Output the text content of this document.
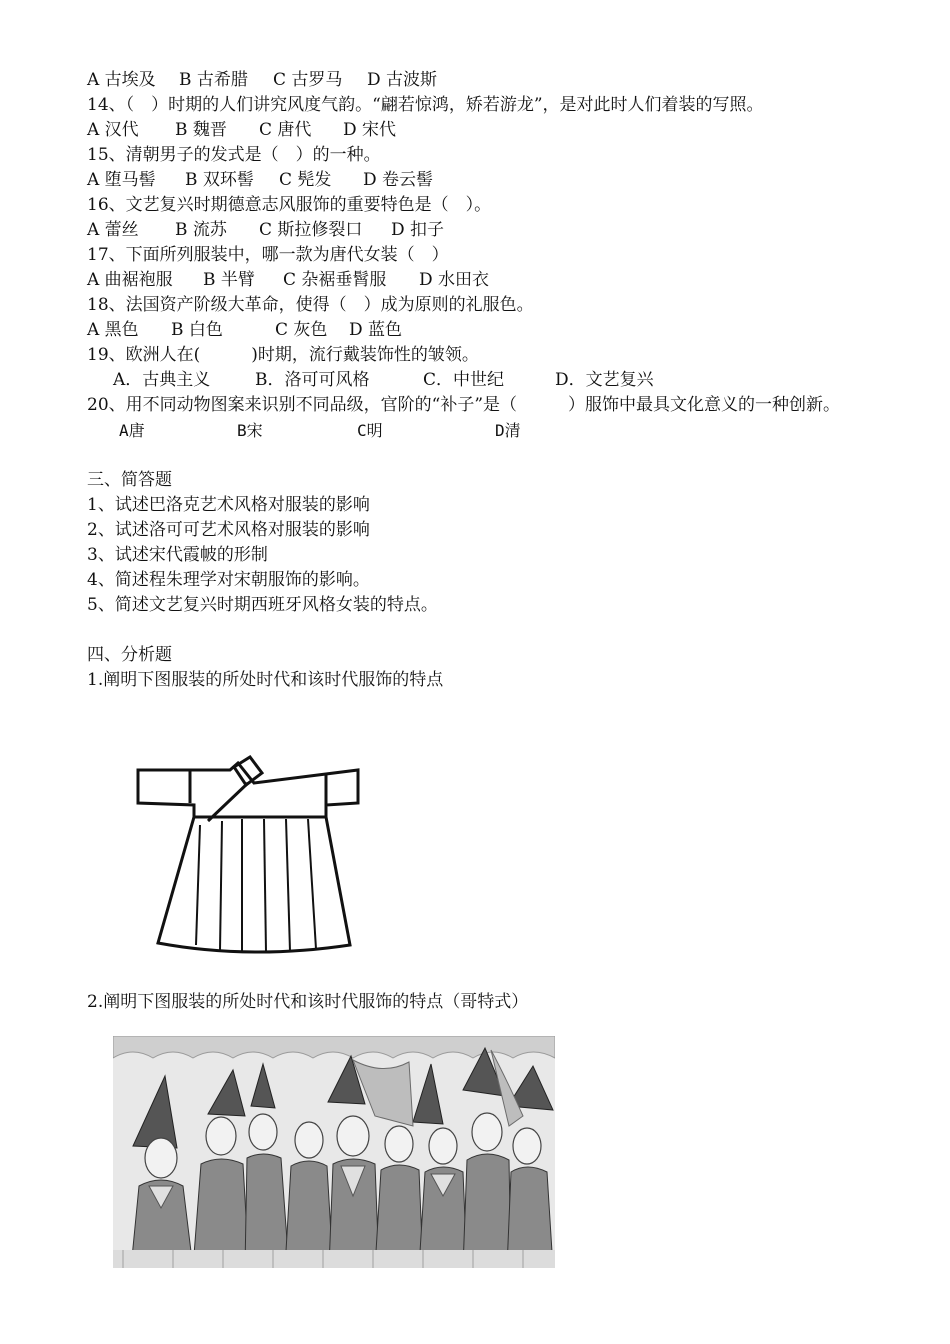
A 古埃及 B 古希腊 C 古罗马 D 古波斯
14、（　）时期的人们讲究风度气韵。“翩若惊鸿，矫若游龙”，是对此时人们着装的写照。
A 汉代 B 魏晋 C 唐代 D 宋代
15、清朝男子的发式是（　）的一种。
A 堕马髻 B 双环髻 C 髡发 D 卷云髻
16、文艺复兴时期德意志风服饰的重要特色是（　）。
A 蕾丝 B 流苏 C 斯拉修裂口 D 扣子
17、下面所列服装中，哪一款为唐代女装（　）
A 曲裾袍服 B 半臂 C 杂裾垂髾服 D 水田衣
18、法国资产阶级大革命，使得（　）成为原则的礼服色。
A 黑色 B 白色	C 灰色 D 蓝色
19、欧洲人在(　　　)时期，流行戴装饰性的皱领。
A．古典主义	B．洛可可风格	C．中世纪	D．文艺复兴
20、用不同动物图案来识别不同品级，官阶的“补子”是（　　　）服饰中最具文化意义的一种创新。
A唐	B宋	C明	D清
三、简答题
1、试述巴洛克艺术风格对服装的影响
2、试述洛可可艺术风格对服装的影响
3、试述宋代霞帔的形制
4、简述程朱理学对宋朝服饰的影响。
5、简述文艺复兴时期西班牙风格女装的特点。
四、分析题
1.阐明下图服装的所处时代和该时代服饰的特点
2.阐明下图服装的所处时代和该时代服饰的特点（哥特式）
